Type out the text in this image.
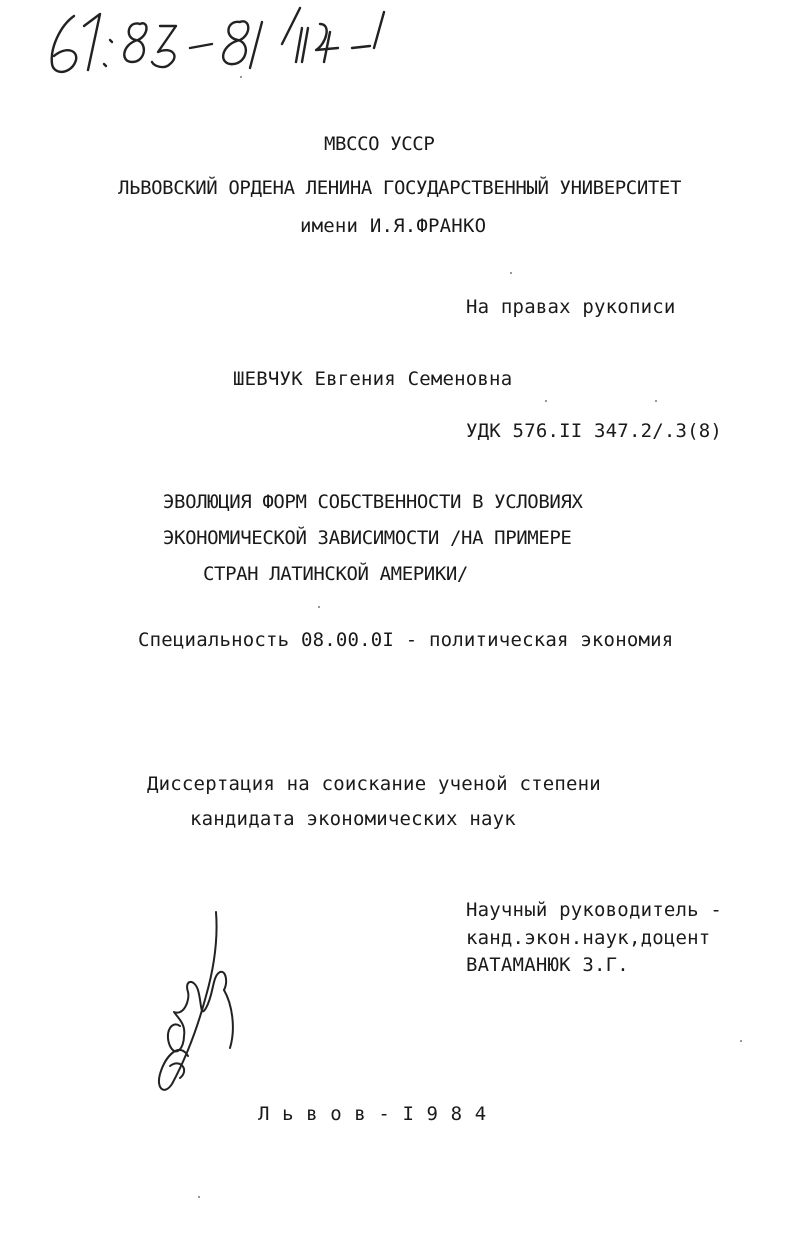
МВССО УССР
ЛЬВОВСКИЙ ОРДЕНА ЛЕНИНА ГОСУДАРСТВЕННЫЙ УНИВЕРСИТЕТ
имени И.Я.ФРАНКО
На правах рукописи
ШЕВЧУК Евгения Семеновна
УДК 576.II 347.2/.3(8)
ЭВОЛЮЦИЯ ФОРМ СОБСТВЕННОСТИ В УСЛОВИЯХ
ЭКОНОМИЧЕСКОЙ ЗАВИСИМОСТИ /НА ПРИМЕРЕ
СТРАН ЛАТИНСКОЙ АМЕРИКИ/
Специальность 08.00.0I - политическая экономия
Диссертация на соискание ученой степени
кандидата экономических наук
Научный руководитель -
канд.экон.наук,доцент
ВАТАМАНЮК З.Г.
Л ь в о в - I 9 8 4
